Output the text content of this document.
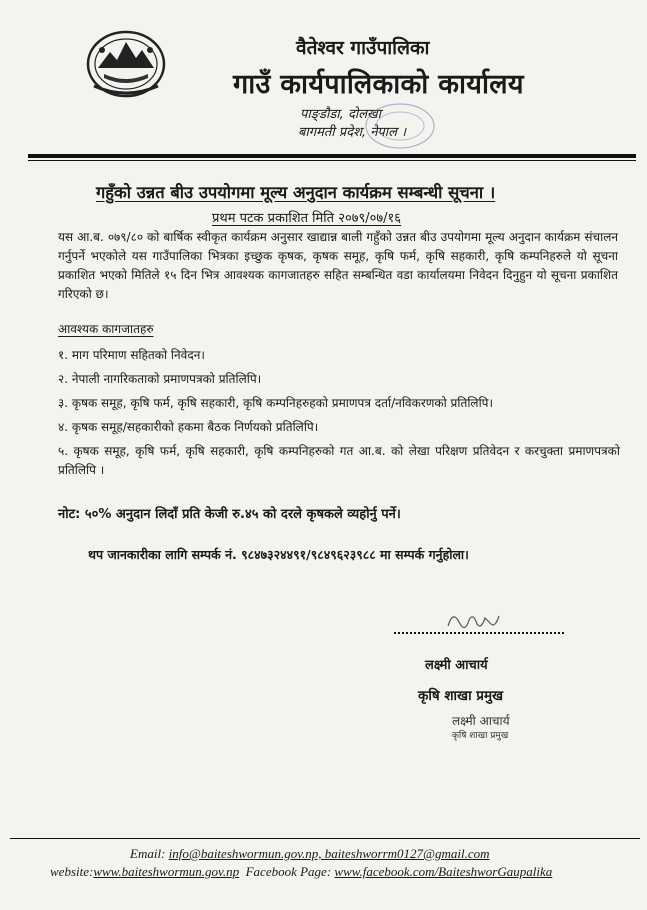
वैतेश्वर गाउँपालिका
गाउँ कार्यपालिकाको कार्यालय
पाङ्डौडा, दोलखा
बागमती प्रदेश, नेपाल ।
गहुँको उन्नत बीउ उपयोगमा मूल्य अनुदान कार्यक्रम सम्बन्धी सूचना ।
प्रथम पटक प्रकाशित मिति २०७९/०७/१६
यस आ.ब. ०७९/८० को बार्षिक स्वीकृत कार्यक्रम अनुसार खाद्यान्न बाली गहुँको उन्नत बीउ उपयोगमा मूल्य अनुदान कार्यक्रम संचालन गर्नुपर्ने भएकोले यस गाउँपालिका भित्रका इच्छुक कृषक, कृषक समूह, कृषि फर्म, कृषि सहकारी, कृषि कम्पनिहरुले यो सूचना प्रकाशित भएको मितिले १५ दिन भित्र आवश्यक कागजातहरु सहित सम्बन्धित वडा कार्यालयमा निवेदन दिनुहुन यो सूचना प्रकाशित गरिएको छ।
आवश्यक कागजातहरु
१. माग परिमाण सहितको निवेदन।
२. नेपाली नागरिकताको प्रमाणपत्रको प्रतिलिपि।
३. कृषक समूह, कृषि फर्म, कृषि सहकारी, कृषि कम्पनिहरुहको प्रमाणपत्र दर्ता/नविकरणको प्रतिलिपि।
४. कृषक समूह/सहकारीको हकमा बैठक निर्णयको प्रतिलिपि।
५. कृषक समूह, कृषि फर्म, कृषि सहकारी, कृषि कम्पनिहरुको गत आ.ब. को लेखा परिक्षण प्रतिवेदन र करचुक्ता प्रमाणपत्रको प्रतिलिपि ।
नोट: ५०% अनुदान लिदाँ प्रति केजी रु.४५ को दरले कृषकले व्यहोर्नु पर्ने।
थप जानकारीका लागि सम्पर्क नं. ९८४७३२४४९१/९८४९६२३९८८ मा सम्पर्क गर्नुहोला।
लक्ष्मी आचार्य
कृषि शाखा प्रमुख
लक्ष्मी आचार्य
कृषि शाखा प्रमुख
Email: info@baiteshwormun.gov.np, baiteshworrm0127@gmail.com
website:www.baiteshwormun.gov.np Facebook Page: www.facebook.com/BaiteshworGaupalika
